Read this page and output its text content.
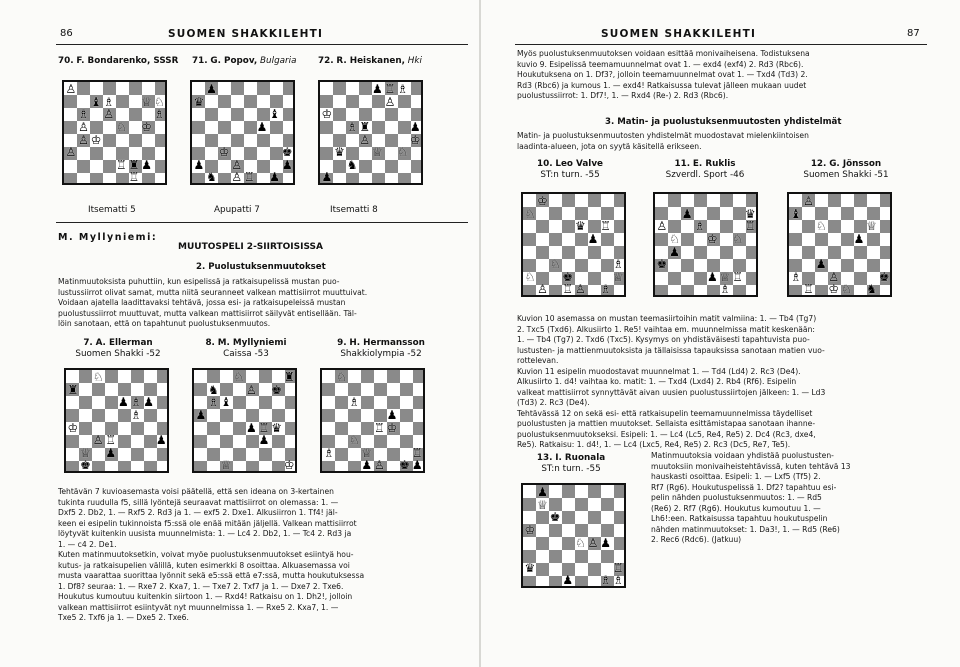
86	SUOMEN SHAKKILEHTI
70. F. Bondarenko, SSSR 71. G. Popov, Bulgaria 72. R. Heiskanen, Hki
♕
♗
♙
♗
♔
♜
♖
♘
♟
♙
♙
♙
♝
♖
♘
♗
♔
♙
♚
♝
♞
♛
♙
♔
♟
♖
♟
♟
♟
♟
♙
♔
♜
♞
♖
♟
♟
♗
♛
♟
♙
♗
♙
♕
♔
♘
Itsematti 5	Apupatti 7	Itsematti 8
M. Myllyniemi:
MUUTOSPELI 2-SIIRTOISISSA
2. Puolustuksenmuutokset
Matinmuutoksista puhuttiin, kun esipelissä ja ratkaisupelissä mustan puo-
lustussiirrot olivat samat, mutta niitä seuranneet valkean mattisiirrot muuttuivat.
Voidaan ajatella laadittavaksi tehtävä, jossa esi- ja ratkaisupeleissä mustan
puolustussiirrot muuttuvat, mutta valkean mattisiirrot säilyvät entisellään. Täl-
löin sanotaan, että on tapahtunut puolustuksenmuutos.
7. A. Ellerman
Suomen Shakki -52
8. M. Myllyniemi
Caissa -53
9. H. Hermansson
Shakkiolympia -52
♕
♔
♖
♘
♗
♟
♟
♟
♚
♜
♟
♙
♗
♝
♖
♟
♔
♛
♞
♟
♘
♕
♟
♙
♜
♚
♗
♕
♘
♟
♙
♖
♚
♘
♗
♟
♗
♔
♖
♟
Tehtävän 7 kuvioasemasta voisi päätellä, että sen ideana on 3-kertainen
tukinta ruudulla f5, sillä lyöntejä seuraavat mattisiirrot on olemassa: 1. —
Dxf5 2. Db2, 1. — Rxf5 2. Rd3 ja 1. — exf5 2. Dxe1. Alkusiirron 1. Tf4! jäl-
keen ei esipelin tukinnoista f5:ssä ole enää mitään jäljellä. Valkean mattisiirrot
löytyvät kuitenkin uusista muunnelmista: 1. — Lc4 2. Db2, 1. — Tc4 2. Rd3 ja
1. — c4 2. De1.
Kuten matinmuutoksetkin, voivat myöe puolustuksenmuutokset esiintyä hou-
kutus- ja ratkaisupelien välillä, kuten esimerkki 8 osoittaa. Alkuasemassa voi
musta vaarattaa suorittaa lyönnit sekä e5:ssä että e7:ssä, mutta houkutuksessa
1. Df8? seuraa: 1. — Rxe7 2. Kxa7, 1. — Txe7 2. Txf7 ja 1. — Dxe7 2. Txe6.
Houkutus kumoutuu kuitenkin siirtoon 1. — Rxd4! Ratkaisu on 1. Dh2!, jolloin
valkean mattisiirrot esiintyvät nyt muunnelmissa 1. — Rxe5 2. Kxa7, 1. —
Txe5 2. Txf6 ja 1. — Dxe5 2. Txe6.
SUOMEN SHAKKILEHTI	87
Myös puolustuksenmuutoksen voidaan esittää monivaiheisena. Todistuksena
kuvio 9. Esipelissä teemamuunnelmat ovat 1. — exd4 (exf4) 2. Rd3 (Rbc6).
Houkutuksena on 1. Df3?, jolloin teemamuunnelmat ovat 1. — Txd4 (Td3) 2.
Rd3 (Rbc6) ja kumous 1. — exd4! Ratkaisussa tulevat jälleen mukaan uudet
puolustussiirrot: 1. Df7!, 1. — Rxd4 (Re-) 2. Rd3 (Rbc6).
3. Matin- ja puolustuksenmuutosten yhdistelmät
Matin- ja puolustuksenmuutosten yhdistelmät muodostavat mielenkiintoisen
laadinta-alueen, jota on syytä käsitellä erikseen.
10. Leo Valve
ST:n turn. -55
11. E. Ruklis
Szverdl. Sport -46
12. G. Jönsson
Suomen Shakki -51
♛
♗
♖
♙
♘
♚
♘
♟
♙
♕
♗
♔
♘
♖
♕
♟
♛
♖
♘
♚
♗
♟
♗
♔
♖
♘
♟
♙	♕
♖
♝
♙
♟
♟
♘
♚
♞
♙
♗
♔
♘
Kuvion 10 asemassa on mustan teemasiirtoihin matit valmiina: 1. — Tb4 (Tg7)
2. Txc5 (Txd6). Alkusiirto 1. Re5! vaihtaa em. muunnelmissa matit keskenään:
1. — Tb4 (Tg7) 2. Txd6 (Txc5). Kysymys on yhdistäväisesti tapahtuvista puo-
lustusten- ja mattienmuutoksista ja tällaisissa tapauksissa sanotaan matien vuo-
rottelevan.
Kuvion 11 esipelin muodostavat muunnelmat 1. — Td4 (Ld4) 2. Rc3 (De4).
Alkusiirto 1. d4! vaihtaa ko. matit: 1. — Txd4 (Lxd4) 2. Rb4 (Rf6). Esipelin
valkeat mattisiirrot synnyttävät aivan uusien puolustussiirtojen jälkeen: 1. — Ld3
(Td3) 2. Rc3 (De4).
Tehtävässä 12 on sekä esi- että ratkaisupelin teemamuunnelmissa täydelliset
puolustusten ja mattien muutokset. Sellaista esittämistapaa sanotaan ihanne-
puolustuksenmuutokseksi. Esipeli: 1. — Lc4 (Lc5, Re4, Re5) 2. Dc4 (Rc3, dxe4,
Re5). Ratkaisu: 1. d4!, 1. — Lc4 (Lxc5, Re4, Re5) 2. Rc3 (Dc5, Re7, Te5).
13. I. Ruonala
ST:n turn. -55
♖
♗
♟
♛
♟
♚
♙
♘
♗
♟
♕
♔
Matinmuutoksia voidaan yhdistää puolustusten-
muutoksiin monivaiheistehtävissä, kuten tehtävä 13
hauskasti osoittaa. Esipeli: 1. — Lxf5 (Tf5) 2.
Rf7 (Rg6). Houkutuspelissä 1. Df2? tapahtuu esi-
pelin nähden puolustuksenmuutos: 1. — Rd5
(Re6) 2. Rf7 (Rg6). Houkutus kumoutuu 1. —
Lh6!:een. Ratkaisussa tapahtuu houkutuspelin
nähden matinmuutokset: 1. Da3!, 1. — Rd5 (Re6)
2. Rec6 (Rdc6). (Jatkuu)
